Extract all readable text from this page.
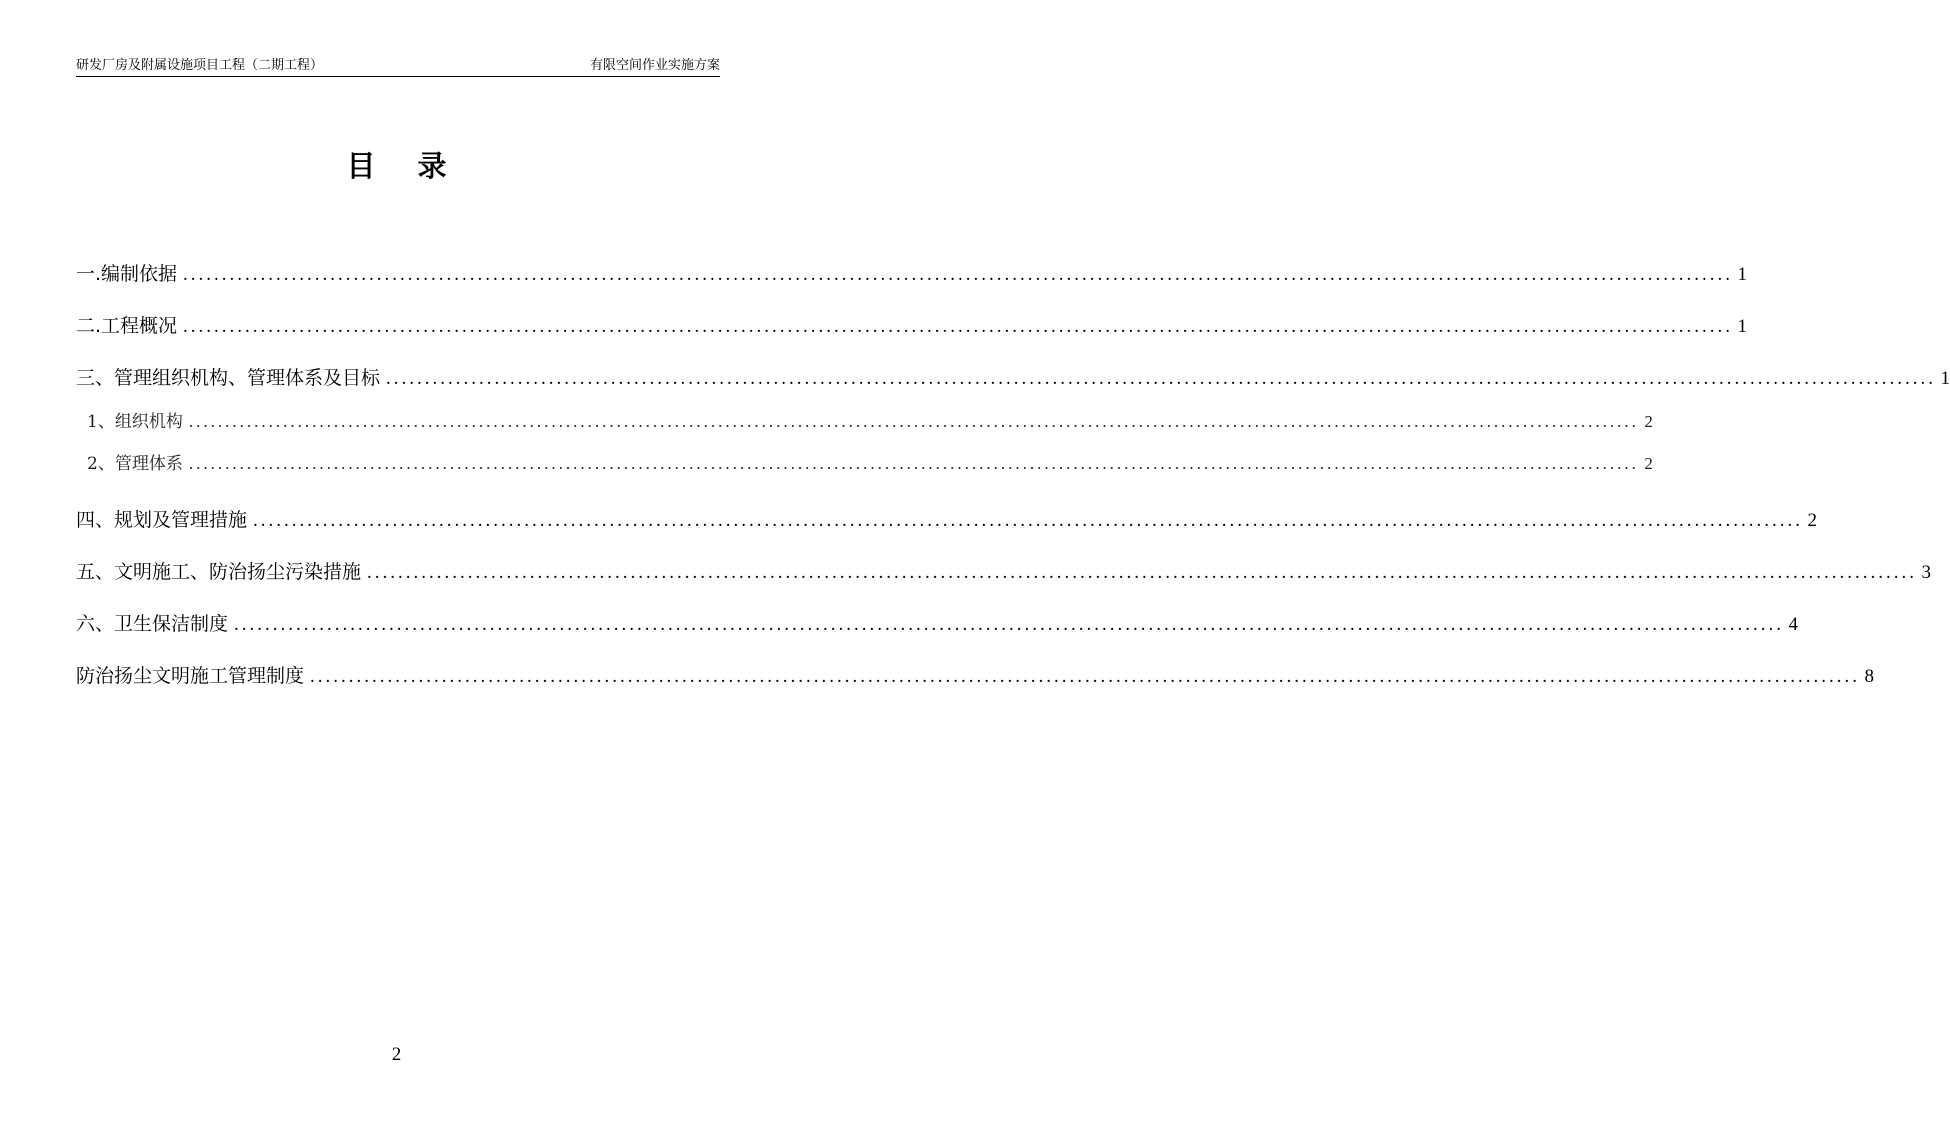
研发厂房及附属设施项目工程（二期工程）	有限空间作业实施方案
目 录
一.编制依据 ........................................................................................................................................................................................................ 1
二.工程概况 ........................................................................................................................................................................................................ 1
三、管理组织机构、管理体系及目标 ........................................................................................................................................................................................................ 1
1、组织机构 ........................................................................................................................................................................................................ 2
2、管理体系 ........................................................................................................................................................................................................ 2
四、规划及管理措施 ........................................................................................................................................................................................................ 2
五、文明施工、防治扬尘污染措施 ........................................................................................................................................................................................................ 3
六、卫生保洁制度 ........................................................................................................................................................................................................ 4
防治扬尘文明施工管理制度 ........................................................................................................................................................................................................ 8
2
